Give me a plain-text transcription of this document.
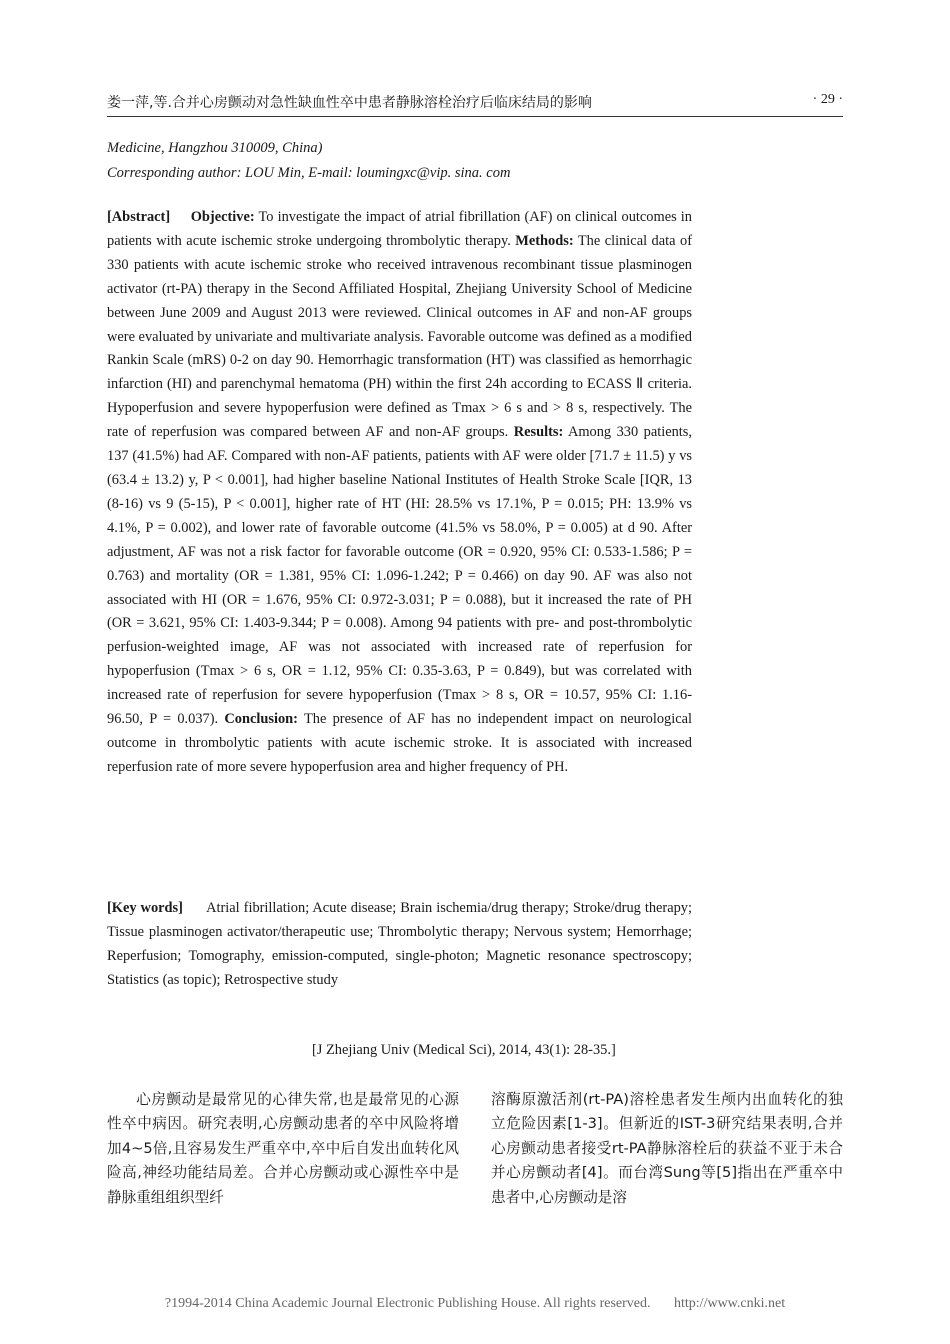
娄一萍,等.合并心房颤动对急性缺血性卒中患者静脉溶栓治疗后临床结局的影响	· 29 ·
Medicine, Hangzhou 310009, China)
Corresponding author: LOU Min, E-mail: loumingxc@vip. sina. com
[Abstract] Objective: To investigate the impact of atrial fibrillation (AF) on clinical outcomes in patients with acute ischemic stroke undergoing thrombolytic therapy. Methods: The clinical data of 330 patients with acute ischemic stroke who received intravenous recombinant tissue plasminogen activator (rt-PA) therapy in the Second Affiliated Hospital, Zhejiang University School of Medicine between June 2009 and August 2013 were reviewed. Clinical outcomes in AF and non-AF groups were evaluated by univariate and multivariate analysis. Favorable outcome was defined as a modified Rankin Scale (mRS) 0-2 on day 90. Hemorrhagic transformation (HT) was classified as hemorrhagic infarction (HI) and parenchymal hematoma (PH) within the first 24h according to ECASS Ⅱ criteria. Hypoperfusion and severe hypoperfusion were defined as Tmax > 6 s and > 8 s, respectively. The rate of reperfusion was compared between AF and non-AF groups. Results: Among 330 patients, 137 (41.5%) had AF. Compared with non-AF patients, patients with AF were older [71.7 ± 11.5) y vs (63.4 ± 13.2) y, P < 0.001], had higher baseline National Institutes of Health Stroke Scale [IQR, 13 (8-16) vs 9 (5-15), P < 0.001], higher rate of HT (HI: 28.5% vs 17.1%, P = 0.015; PH: 13.9% vs 4.1%, P = 0.002), and lower rate of favorable outcome (41.5% vs 58.0%, P = 0.005) at d 90. After adjustment, AF was not a risk factor for favorable outcome (OR = 0.920, 95% CI: 0.533-1.586; P = 0.763) and mortality (OR = 1.381, 95% CI: 1.096-1.242; P = 0.466) on day 90. AF was also not associated with HI (OR = 1.676, 95% CI: 0.972-3.031; P = 0.088), but it increased the rate of PH (OR = 3.621, 95% CI: 1.403-9.344; P = 0.008). Among 94 patients with pre- and post-thrombolytic perfusion-weighted image, AF was not associated with increased rate of reperfusion for hypoperfusion (Tmax > 6 s, OR = 1.12, 95% CI: 0.35-3.63, P = 0.849), but was correlated with increased rate of reperfusion for severe hypoperfusion (Tmax > 8 s, OR = 10.57, 95% CI: 1.16-96.50, P = 0.037). Conclusion: The presence of AF has no independent impact on neurological outcome in thrombolytic patients with acute ischemic stroke. It is associated with increased reperfusion rate of more severe hypoperfusion area and higher frequency of PH.
[Key words] Atrial fibrillation; Acute disease; Brain ischemia/drug therapy; Stroke/drug therapy; Tissue plasminogen activator/therapeutic use; Thrombolytic therapy; Nervous system; Hemorrhage; Reperfusion; Tomography, emission-computed, single-photon; Magnetic resonance spectroscopy; Statistics (as topic); Retrospective study
[J Zhejiang Univ (Medical Sci), 2014, 43(1): 28-35.]
心房颤动是最常见的心律失常,也是最常见的心源性卒中病因。研究表明,心房颤动患者的卒中风险将增加4~5倍,且容易发生严重卒中,卒中后自发出血转化风险高,神经功能结局差。合并心房颤动或心源性卒中是静脉重组组织型纤
溶酶原激活剂(rt-PA)溶栓患者发生颅内出血转化的独立危险因素[1-3]。但新近的IST-3研究结果表明,合并心房颤动患者接受rt-PA静脉溶栓后的获益不亚于未合并心房颤动者[4]。而台湾Sung等[5]指出在严重卒中患者中,心房颤动是溶
?1994-2014 China Academic Journal Electronic Publishing House. All rights reserved. http://www.cnki.net
